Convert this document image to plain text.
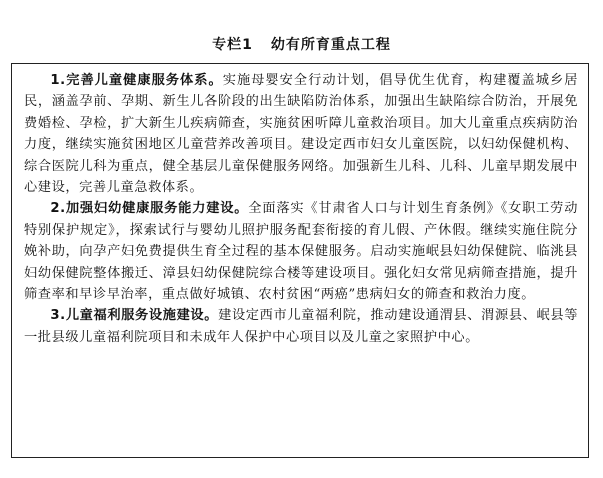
专栏1 幼有所育重点工程

1.完善儿童健康服务体系。实施母婴安全行动计划，倡导优生优育，构建覆盖城乡居民，涵盖孕前、孕期、新生儿各阶段的出生缺陷防治体系，加强出生缺陷综合防治，开展免费婚检、孕检，扩大新生儿疾病筛查，实施贫困听障儿童救治项目。加大儿童重点疾病防治力度，继续实施贫困地区儿童营养改善项目。建设定西市妇女儿童医院，以妇幼保健机构、综合医院儿科为重点，健全基层儿童保健服务网络。加强新生儿科、儿科、儿童早期发展中心建设，完善儿童急救体系。

2.加强妇幼健康服务能力建设。全面落实《甘肃省人口与计划生育条例》《女职工劳动特别保护规定》，探索试行与婴幼儿照护服务配套衔接的育儿假、产休假。继续实施住院分娩补助，向孕产妇免费提供生育全过程的基本保健服务。启动实施岷县妇幼保健院、临洮县妇幼保健院整体搬迁、漳县妇幼保健院综合楼等建设项目。强化妇女常见病筛查措施，提升筛查率和早诊早治率，重点做好城镇、农村贫困“两癌”患病妇女的筛查和救治力度。

3.儿童福利服务设施建设。建设定西市儿童福利院，推动建设通渭县、渭源县、岷县等一批县级儿童福利院项目和未成年人保护中心项目以及儿童之家照护中心。
